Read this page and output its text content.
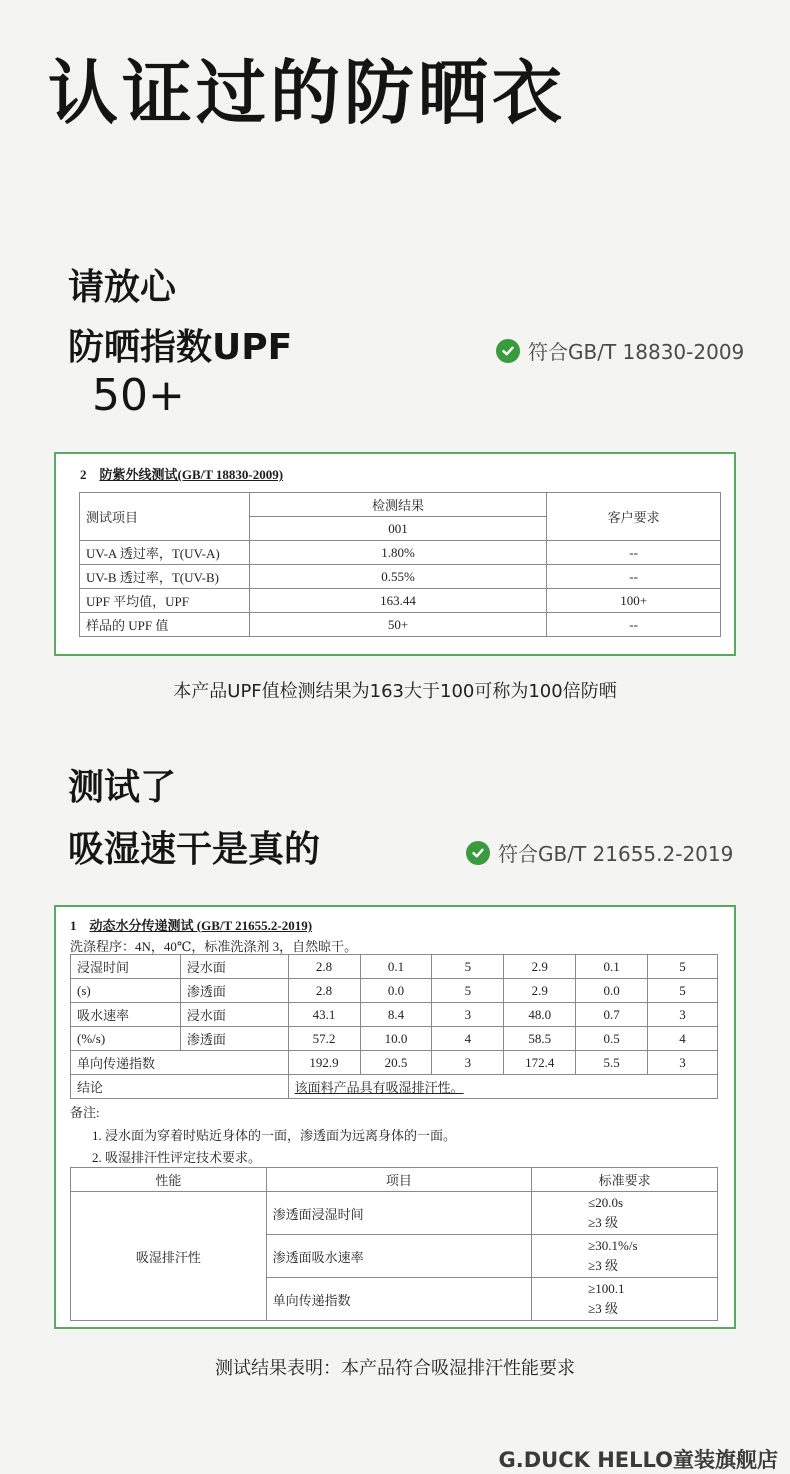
认证过的防晒衣
请放心
防晒指数UPF
50+
符合GB/T 18830-2009
2 防紫外线测试(GB/T 18830-2009)
测试项目	检测结果	客户要求
	001	
UV-A 透过率，T(UV-A)	1.80%	--
UV-B 透过率，T(UV-B)	0.55%	--
UPF 平均值，UPF	163.44	100+
样品的 UPF 值	50+	--
本产品UPF值检测结果为163大于100可称为100倍防晒
测试了
吸湿速干是真的	符合GB/T 21655.2-2019
1 动态水分传递测试 (GB/T 21655.2-2019)
洗涤程序：4N，40℃，标准洗涤剂 3，自然晾干。
浸湿时间	浸水面	2.8	0.1	5	2.9	0.1	5
(s)	渗透面	2.8	0.0	5	2.9	0.0	5
吸水速率	浸水面	43.1	8.4	3	48.0	0.7	3
(%/s)	渗透面	57.2	10.0	4	58.5	0.5	4
单向传递指数		192.9	20.5	3	172.4	5.5	3
结论		该面料产品具有吸湿排汗性。					
备注:
1. 浸水面为穿着时贴近身体的一面，渗透面为远离身体的一面。
2. 吸湿排汗性评定技术要求。
性能	项目	标准要求
吸湿排汗性	渗透面浸湿时间	≤20.0s
≥3 级

	渗透面吸水速率	≥30.1%/s
≥3 级

	单向传递指数	≥100.1
≥3 级
测试结果表明：本产品符合吸湿排汗性能要求
G.DUCK HELLO童装旗舰店
